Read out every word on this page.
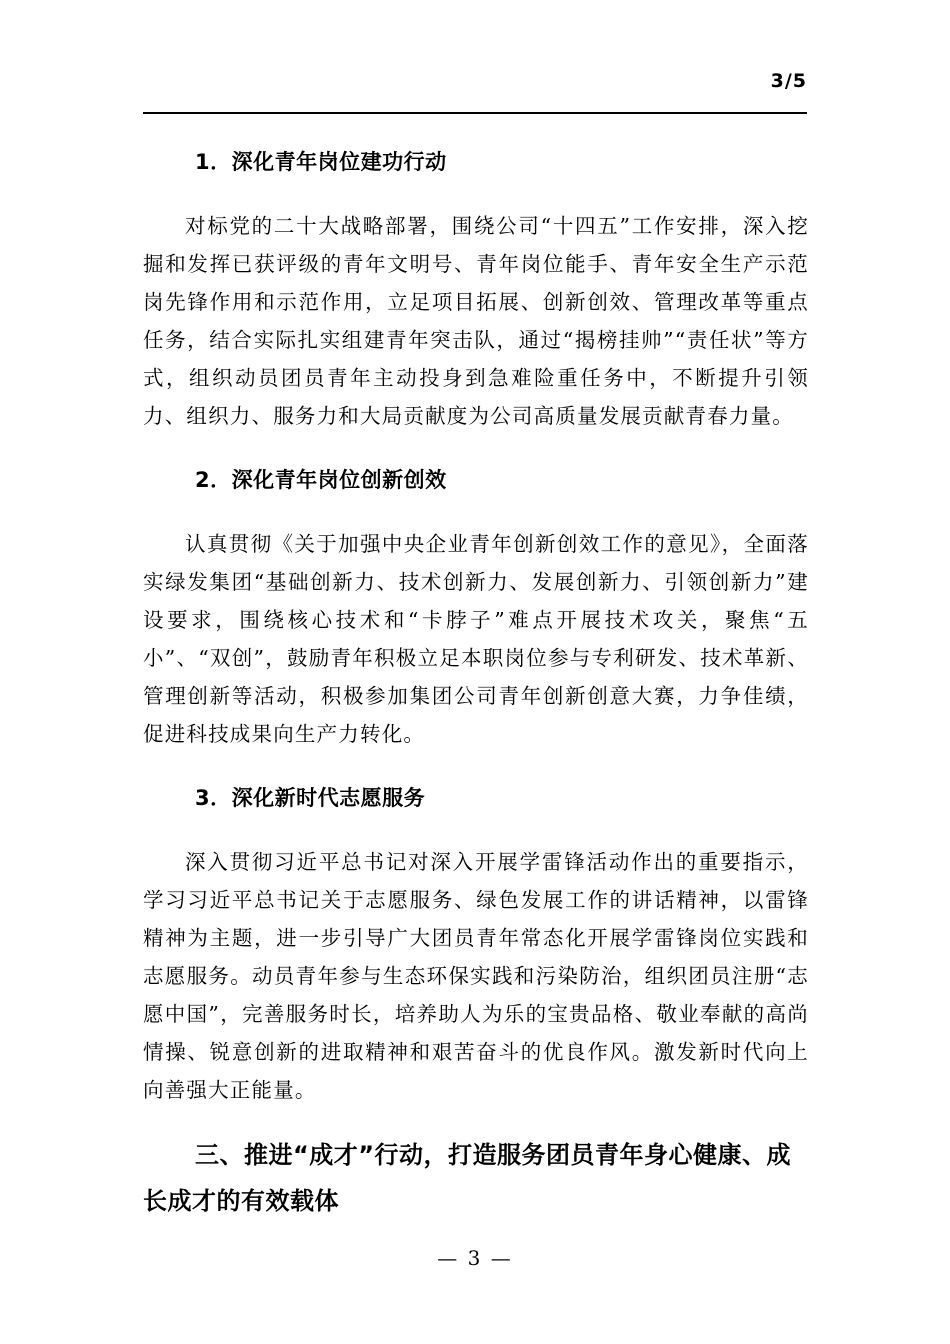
3/5
1．深化青年岗位建功行动

对标党的二十大战略部署，围绕公司“十四五”工作安排，深入挖掘和发挥已获评级的青年文明号、青年岗位能手、青年安全生产示范岗先锋作用和示范作用，立足项目拓展、创新创效、管理改革等重点任务，结合实际扎实组建青年突击队，通过“揭榜挂帅”“责任状”等方式，组织动员团员青年主动投身到急难险重任务中，不断提升引领力、组织力、服务力和大局贡献度为公司高质量发展贡献青春力量。

2．深化青年岗位创新创效

认真贯彻《关于加强中央企业青年创新创效工作的意见》，全面落实绿发集团“基础创新力、技术创新力、发展创新力、引领创新力”建设要求，围绕核心技术和“卡脖子”难点开展技术攻关，聚焦“五小”、“双创”，鼓励青年积极立足本职岗位参与专利研发、技术革新、管理创新等活动，积极参加集团公司青年创新创意大赛，力争佳绩，促进科技成果向生产力转化。

3．深化新时代志愿服务

深入贯彻习近平总书记对深入开展学雷锋活动作出的重要指示，学习习近平总书记关于志愿服务、绿色发展工作的讲话精神，以雷锋精神为主题，进一步引导广大团员青年常态化开展学雷锋岗位实践和志愿服务。动员青年参与生态环保实践和污染防治，组织团员注册“志愿中国”，完善服务时长，培养助人为乐的宝贵品格、敬业奉献的高尚情操、锐意创新的进取精神和艰苦奋斗的优良作风。激发新时代向上向善强大正能量。

三、推进“成才”行动，打造服务团员青年身心健康、成长成才的有效载体
— 3 —
